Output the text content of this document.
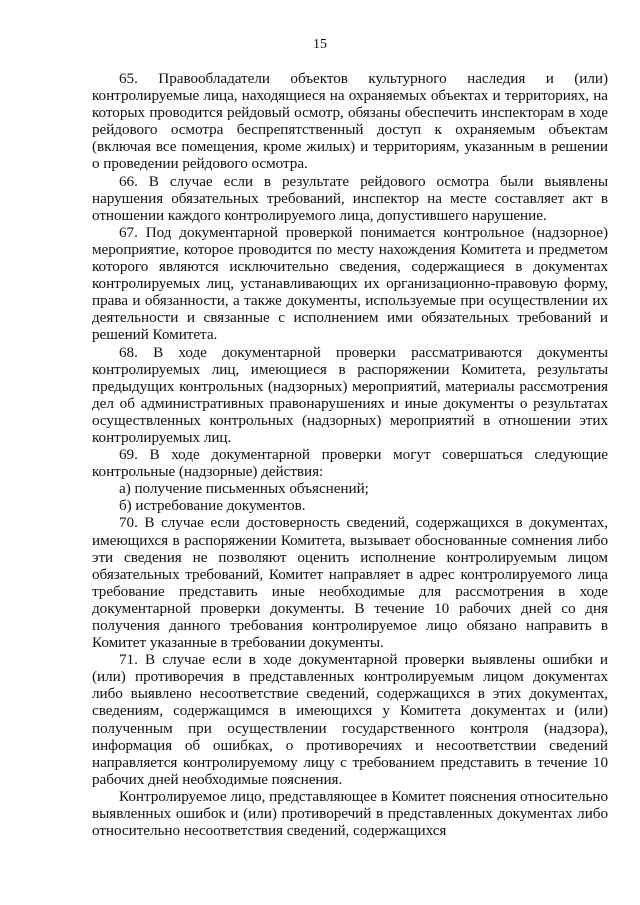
15

65. Правообладатели объектов культурного наследия и (или) контролируемые лица, находящиеся на охраняемых объектах и территориях, на которых проводится рейдовый осмотр, обязаны обеспечить инспекторам в ходе рейдового осмотра беспрепятственный доступ к охраняемым объектам (включая все помещения, кроме жилых) и территориям, указанным в решении о проведении рейдового осмотра.

66. В случае если в результате рейдового осмотра были выявлены нарушения обязательных требований, инспектор на месте составляет акт в отношении каждого контролируемого лица, допустившего нарушение.

67. Под документарной проверкой понимается контрольное (надзорное) мероприятие, которое проводится по месту нахождения Комитета и предметом которого являются исключительно сведения, содержащиеся в документах контролируемых лиц, устанавливающих их организационно-правовую форму, права и обязанности, а также документы, используемые при осуществлении их деятельности и связанные с исполнением ими обязательных требований и решений Комитета.

68. В ходе документарной проверки рассматриваются документы контролируемых лиц, имеющиеся в распоряжении Комитета, результаты предыдущих контрольных (надзорных) мероприятий, материалы рассмотрения дел об административных правонарушениях и иные документы о результатах осуществленных контрольных (надзорных) мероприятий в отношении этих контролируемых лиц.

69. В ходе документарной проверки могут совершаться следующие контрольные (надзорные) действия:

а) получение письменных объяснений;

б) истребование документов.

70. В случае если достоверность сведений, содержащихся в документах, имеющихся в распоряжении Комитета, вызывает обоснованные сомнения либо эти сведения не позволяют оценить исполнение контролируемым лицом обязательных требований, Комитет направляет в адрес контролируемого лица требование представить иные необходимые для рассмотрения в ходе документарной проверки документы. В течение 10 рабочих дней со дня получения данного требования контролируемое лицо обязано направить в Комитет указанные в требовании документы.

71. В случае если в ходе документарной проверки выявлены ошибки и (или) противоречия в представленных контролируемым лицом документах либо выявлено несоответствие сведений, содержащихся в этих документах, сведениям, содержащимся в имеющихся у Комитета документах и (или) полученным при осуществлении государственного контроля (надзора), информация об ошибках, о противоречиях и несоответствии сведений направляется контролируемому лицу с требованием представить в течение 10 рабочих дней необходимые пояснения.

Контролируемое лицо, представляющее в Комитет пояснения относительно выявленных ошибок и (или) противоречий в представленных документах либо относительно несоответствия сведений, содержащихся
